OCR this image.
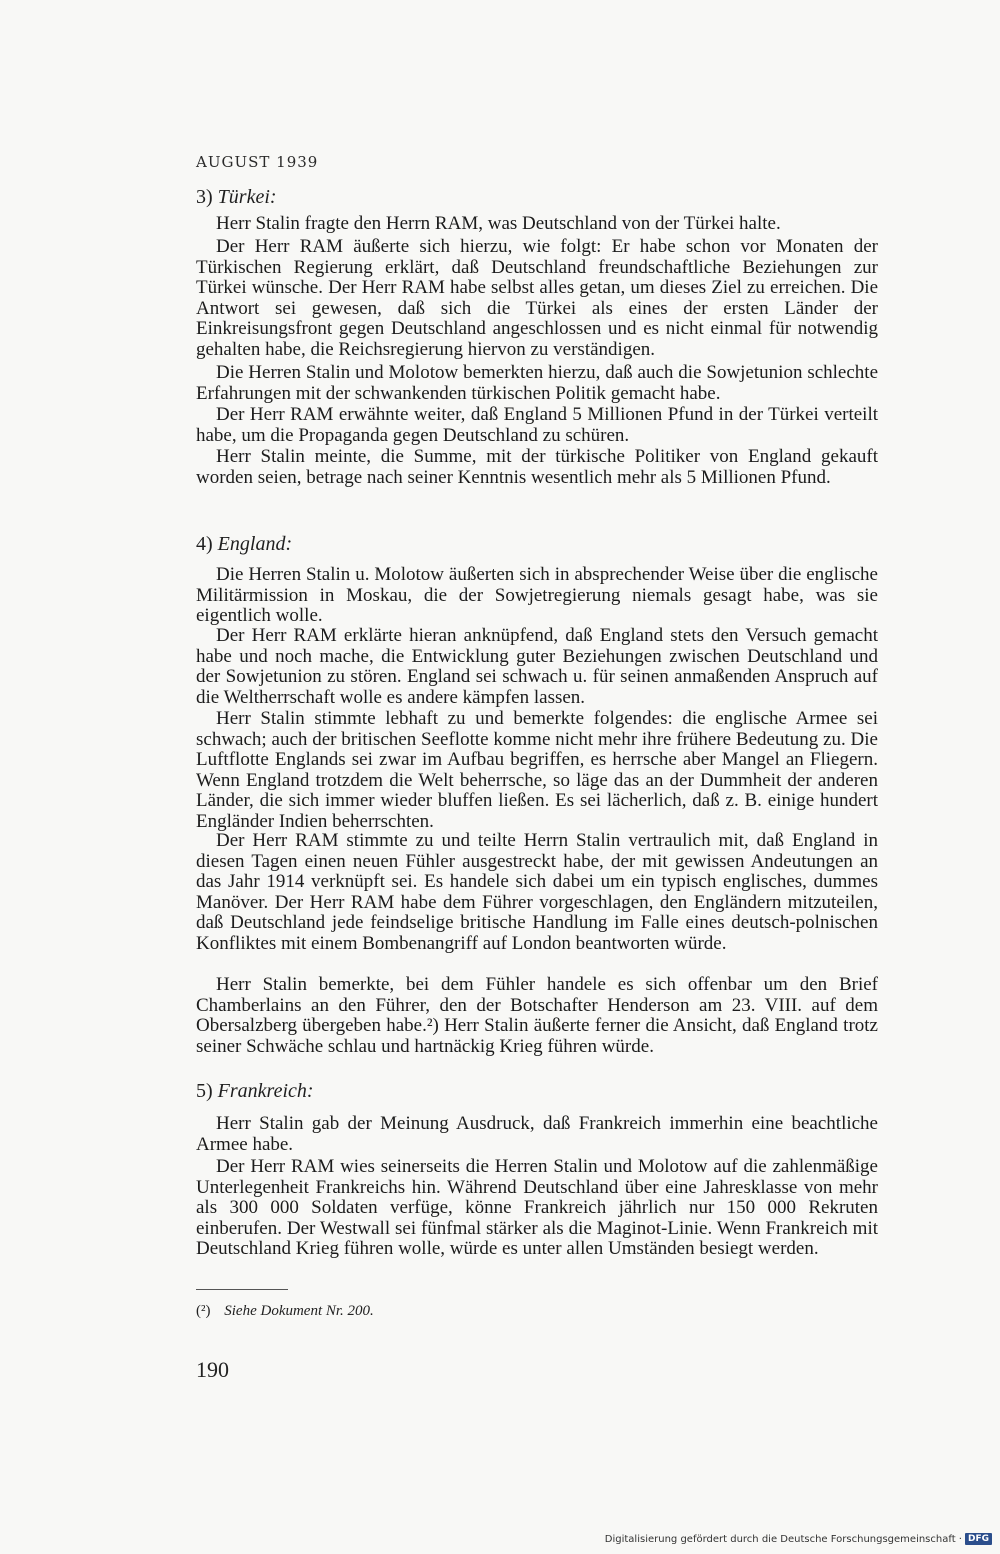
AUGUST 1939
3) Türkei:

Herr Stalin fragte den Herrn RAM, was Deutschland von der Türkei halte.

Der Herr RAM äußerte sich hierzu, wie folgt: Er habe schon vor Monaten der Türkischen Regierung erklärt, daß Deutschland freundschaftliche Beziehungen zur Türkei wünsche. Der Herr RAM habe selbst alles getan, um dieses Ziel zu erreichen. Die Antwort sei gewesen, daß sich die Türkei als eines der ersten Länder der Einkreisungsfront gegen Deutschland angeschlossen und es nicht einmal für notwendig gehalten habe, die Reichsregierung hiervon zu verständigen.

Die Herren Stalin und Molotow bemerkten hierzu, daß auch die Sowjetunion schlechte Erfahrungen mit der schwankenden türkischen Politik gemacht habe.

Der Herr RAM erwähnte weiter, daß England 5 Millionen Pfund in der Türkei verteilt habe, um die Propaganda gegen Deutschland zu schüren.

Herr Stalin meinte, die Summe, mit der türkische Politiker von England gekauft worden seien, betrage nach seiner Kenntnis wesentlich mehr als 5 Millionen Pfund.

4) England:

Die Herren Stalin u. Molotow äußerten sich in absprechender Weise über die englische Militärmission in Moskau, die der Sowjetregierung niemals gesagt habe, was sie eigentlich wolle.

Der Herr RAM erklärte hieran anknüpfend, daß England stets den Versuch gemacht habe und noch mache, die Entwicklung guter Beziehungen zwischen Deutschland und der Sowjetunion zu stören. England sei schwach u. für seinen anmaßenden Anspruch auf die Weltherrschaft wolle es andere kämpfen lassen.

Herr Stalin stimmte lebhaft zu und bemerkte folgendes: die englische Armee sei schwach; auch der britischen Seeflotte komme nicht mehr ihre frühere Bedeutung zu. Die Luftflotte Englands sei zwar im Aufbau begriffen, es herrsche aber Mangel an Fliegern. Wenn England trotzdem die Welt beherrsche, so läge das an der Dummheit der anderen Länder, die sich immer wieder bluffen ließen. Es sei lächerlich, daß z. B. einige hundert Engländer Indien beherrschten.

Der Herr RAM stimmte zu und teilte Herrn Stalin vertraulich mit, daß England in diesen Tagen einen neuen Fühler ausgestreckt habe, der mit gewissen Andeutungen an das Jahr 1914 verknüpft sei. Es handele sich dabei um ein typisch englisches, dummes Manöver. Der Herr RAM habe dem Führer vorgeschlagen, den Engländern mitzuteilen, daß Deutschland jede feindselige britische Handlung im Falle eines deutsch-polnischen Konfliktes mit einem Bombenangriff auf London beantworten würde.

Herr Stalin bemerkte, bei dem Fühler handele es sich offenbar um den Brief Chamberlains an den Führer, den der Botschafter Henderson am 23. VIII. auf dem Obersalzberg übergeben habe.²) Herr Stalin äußerte ferner die Ansicht, daß England trotz seiner Schwäche schlau und hartnäckig Krieg führen würde.

5) Frankreich:

Herr Stalin gab der Meinung Ausdruck, daß Frankreich immerhin eine beachtliche Armee habe.

Der Herr RAM wies seinerseits die Herren Stalin und Molotow auf die zahlenmäßige Unterlegenheit Frankreichs hin. Während Deutschland über eine Jahresklasse von mehr als 300 000 Soldaten verfüge, könne Frankreich jährlich nur 150 000 Rekruten einberufen. Der Westwall sei fünfmal stärker als die Maginot-Linie. Wenn Frankreich mit Deutschland Krieg führen wolle, würde es unter allen Umständen besiegt werden.

(²) Siehe Dokument Nr. 200.
190
Digitalisierung gefördert durch die Deutsche Forschungsgemeinschaft · DFG
